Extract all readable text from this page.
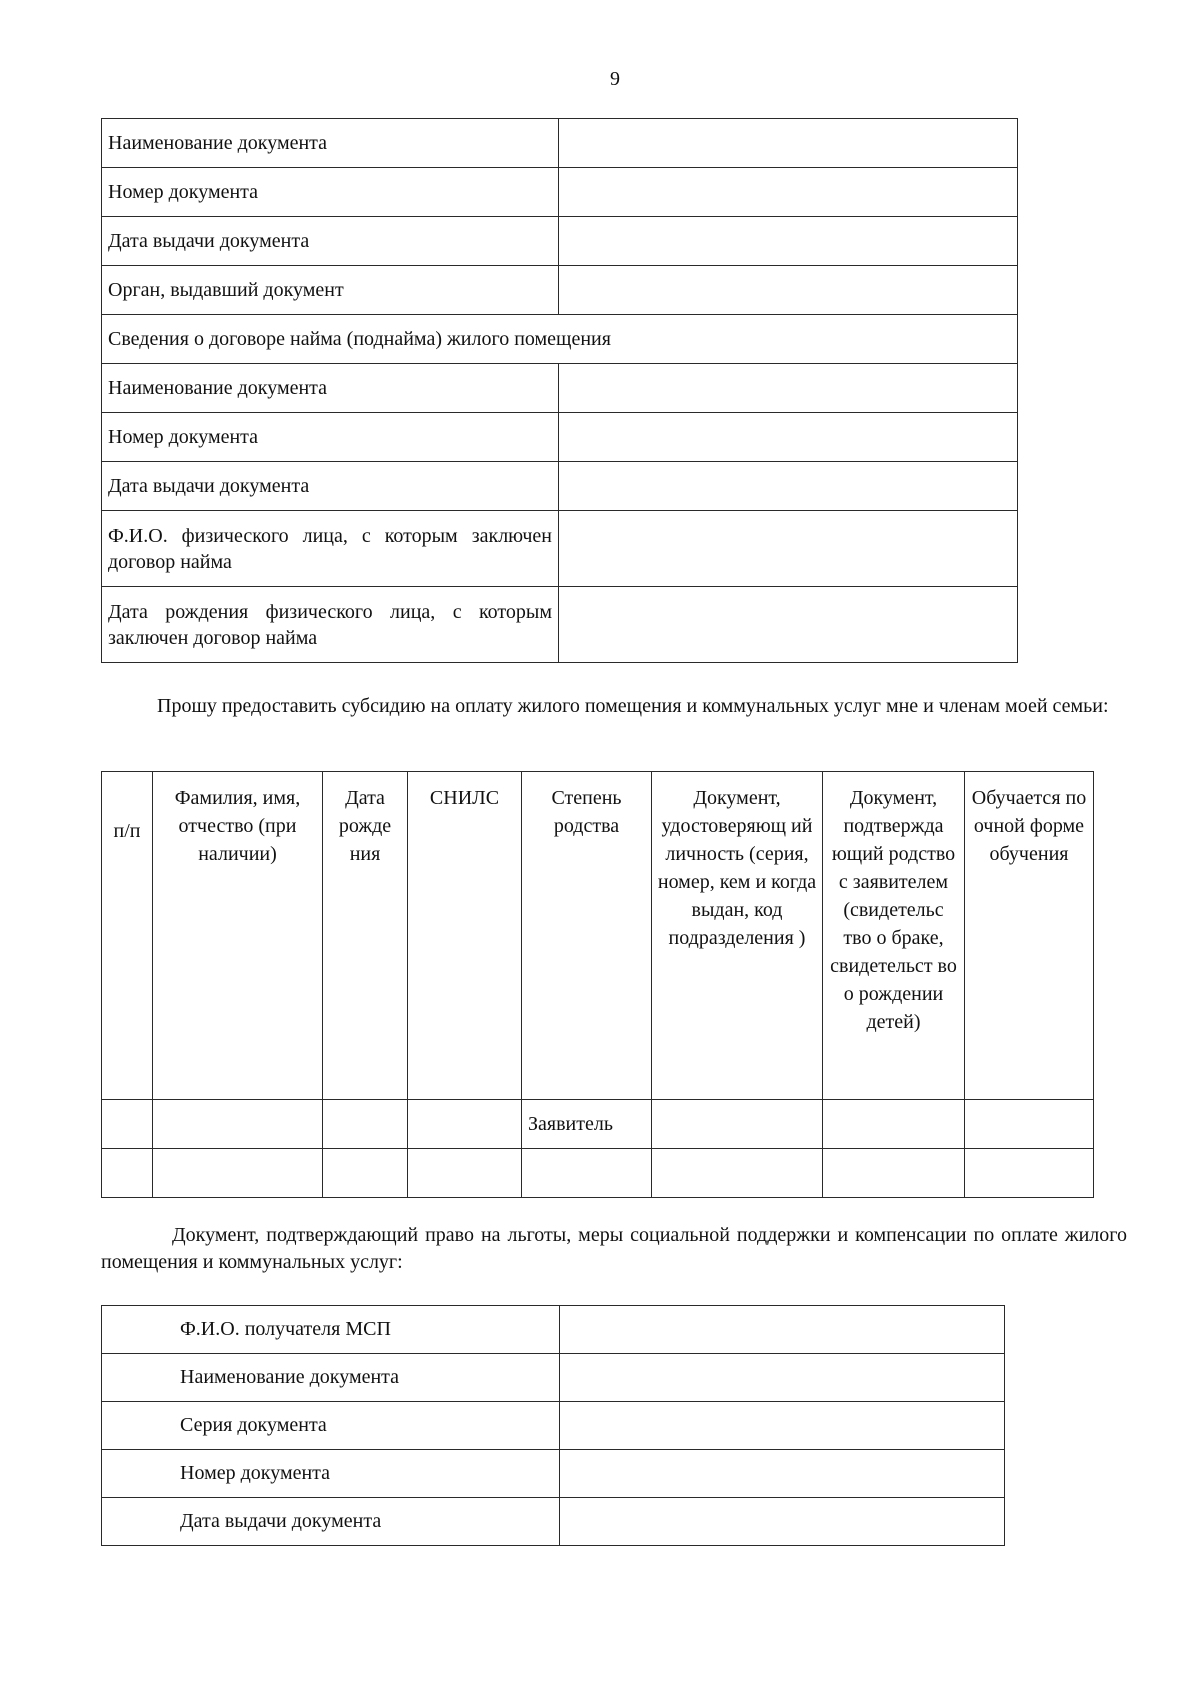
9
Наименование документа	
Номер документа	
Дата выдачи документа	
Орган, выдавший документ	
Сведения о договоре найма (поднайма) жилого помещения	
Наименование документа	
Номер документа	
Дата выдачи документа	
Ф.И.О. физического лица, с которым заключен договор найма	
Дата рождения физического лица, с которым заключен договор найма	

Прошу предоставить субсидию на оплату жилого помещения и коммунальных услуг мне и членам моей семьи:

п/п	Фамилия, имя, отчество (при наличии)	Дата рожде ния	СНИЛС	Степень родства	Документ, удостоверяющ ий личность (серия, номер, кем и когда выдан, код подразделения )	Документ, подтвержда ющий родство с заявителем (свидетельс тво о браке, свидетельст во о рождении детей)	Обучается по очной форме обучения
				Заявитель			

Документ, подтверждающий право на льготы, меры социальной поддержки и компенсации по оплате жилого помещения и коммунальных услуг:

Ф.И.О. получателя МСП	
Наименование документа	
Серия документа	
Номер документа	
Дата выдачи документа	
